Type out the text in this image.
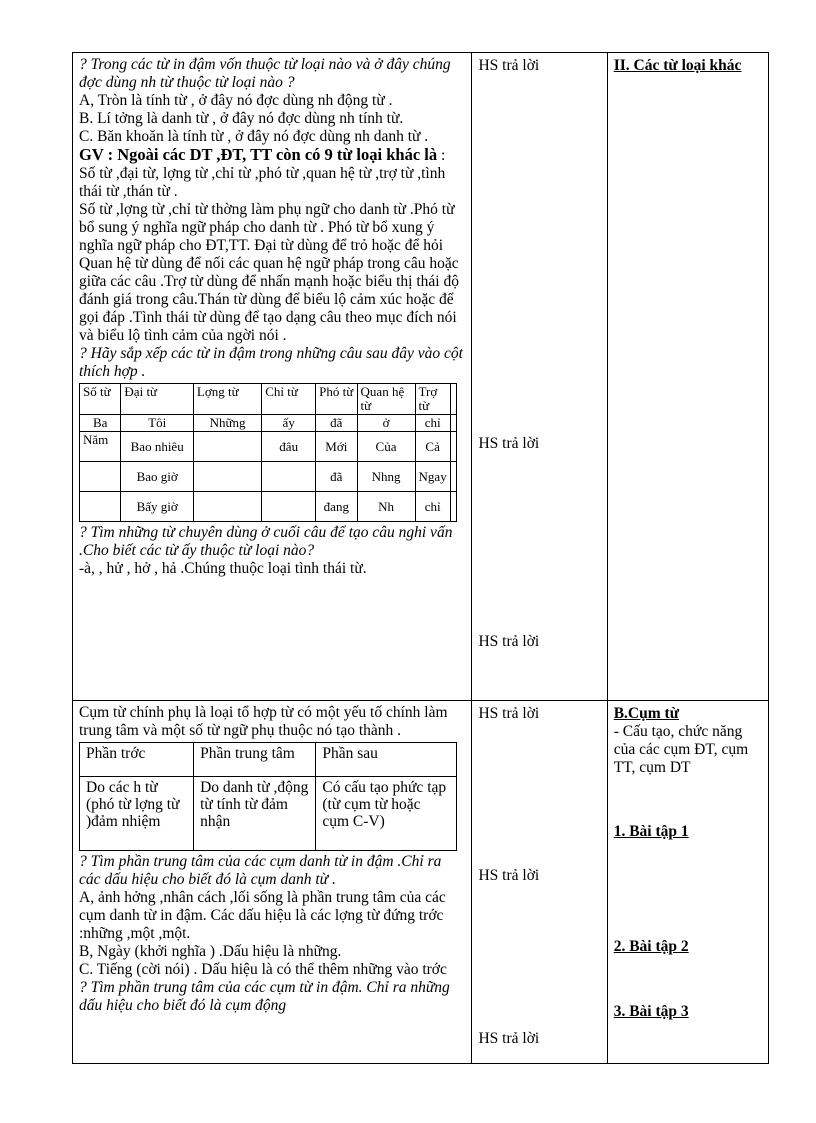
? Trong các từ in đậm vốn thuộc từ loại nào và ở đây chúng đợc dùng nh từ thuộc từ loại nào ?

A, Tròn là tính từ , ở đây nó đợc dùng nh động từ .

B. Lí tởng là danh từ , ở đây nó đợc dùng nh tính từ.

C. Băn khoăn là tính từ , ở đây nó đợc dùng nh danh từ .

GV : Ngoài các DT ,ĐT, TT còn có 9 từ loại khác là : Số từ ,đại từ, lợng từ ,chỉ từ ,phó từ ,quan hệ từ ,trợ từ ,tình thái từ ,thán từ .

Số từ ,lợng từ ,chỉ từ thờng làm phụ ngữ cho danh từ .Phó từ bổ sung ý nghĩa ngữ pháp cho danh từ . Phó từ bổ xung ý nghĩa ngữ pháp cho ĐT,TT. Đại từ dùng để trỏ hoặc để hỏi Quan hệ từ dùng để nối các quan hệ ngữ pháp trong câu hoặc giữa các câu .Trợ từ dùng để nhấn mạnh hoặc biểu thị thái độ đánh giá trong câu.Thán từ dùng để biểu lộ cảm xúc hoặc để gọi đáp .Tình thái từ dùng để tạo dạng câu theo mục đích nói và biểu lộ tình cảm của ngời nói .

? Hãy sắp xếp các từ in đậm trong những câu sau đây vào cột thích hợp .

Số từ	Đại từ	Lợng từ	Chỉ từ	Phó từ	Quan hệ từ	Trợ từ	
Ba	Tôi	Những	ấy	đã	ở	chỉ	
Năm	Bao nhiêu		đâu	Mới	Của	Cả	
	Bao giờ			đã	Nhng	Ngay	
	Bấy giờ			đang	Nh	chỉ	

? Tìm những từ chuyên dùng ở cuối câu để tạo câu nghi vấn .Cho biết các từ ấy thuộc từ loại nào?

-à, , hử , hở , hả .Chúng thuộc loại tình thái từ.

HS trả lời
HS trả lời
HS trả lời

II. Các từ loại khác

Cụm từ chính phụ là loại tổ hợp từ có một yếu tố chính làm trung tâm và một số từ ngữ phụ thuộc nó tạo thành .

Phần trớc	Phần trung tâm	Phần sau
Do các h từ (phó từ lợng từ )đảm nhiệm	Do danh từ ,động từ tính từ đảm nhận	Có cấu tạo phức tạp (từ cụm từ hoặc cụm C-V)

? Tìm phần trung tâm của các cụm danh từ in đậm .Chỉ ra các dấu hiệu cho biết đó là cụm danh từ .

A, ảnh hởng ,nhân cách ,lối sống là phần trung tâm của các cụm danh từ in đậm. Các dấu hiệu là các lợng từ đứng trớc :những ,một ,một.

B, Ngày (khởi nghĩa ) .Dấu hiệu là những.

C. Tiếng (cời nói) . Dấu hiệu là có thể thêm những vào trớc

? Tìm phần trung tâm của các cụm từ in đậm. Chỉ ra những dấu hiệu cho biết đó là cụm động

HS trả lời
HS trả lời
HS trả lời

B.Cụm từ
- Cấu tạo, chức năng của các cụm ĐT, cụm TT, cụm DT
1. Bài tập 1
2. Bài tập 2
3. Bài tập 3
